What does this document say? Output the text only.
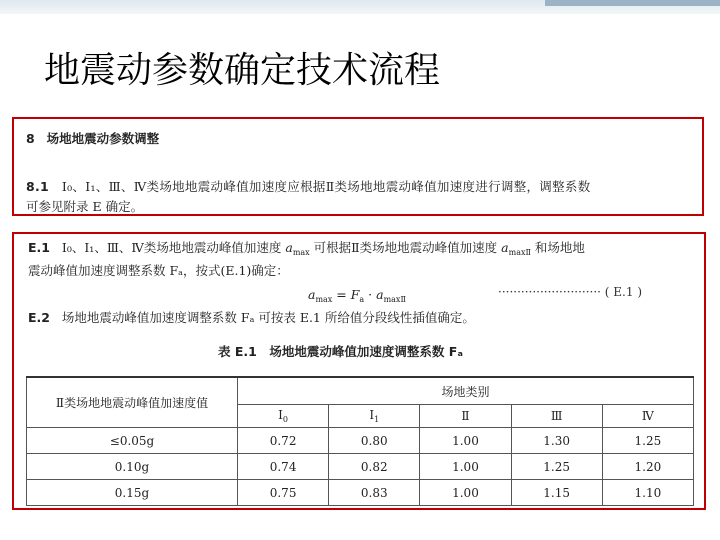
地震动参数确定技术流程
8 场地地震动参数调整
8.1 Ⅰ₀、Ⅰ₁、Ⅲ、Ⅳ类场地地震动峰值加速度应根据Ⅱ类场地地震动峰值加速度进行调整，调整系数
可参见附录 E 确定。
E.1 Ⅰ₀、Ⅰ₁、Ⅲ、Ⅳ类场地地震动峰值加速度 $a_{max}$ 可根据Ⅱ类场地地震动峰值加速度 $a_{maxⅡ}$ 和场地地
震动峰值加速度调整系数 Fₐ，按式(E.1)确定：
$a_{max} = F_a \cdot a_{maxⅡ}$
··························· ( E.1 )
E.2 场地地震动峰值加速度调整系数 Fₐ 可按表 E.1 所给值分段线性插值确定。
表 E.1　场地地震动峰值加速度调整系数 Fₐ
Ⅱ类场地地震动峰值加速度值	场地类别				
	$Ⅰ_0$	$Ⅰ_1$	Ⅱ	Ⅲ	Ⅳ
≤0.05g	0.72	0.80	1.00	1.30	1.25
0.10g	0.74	0.82	1.00	1.25	1.20
0.15g	0.75	0.83	1.00	1.15	1.10
